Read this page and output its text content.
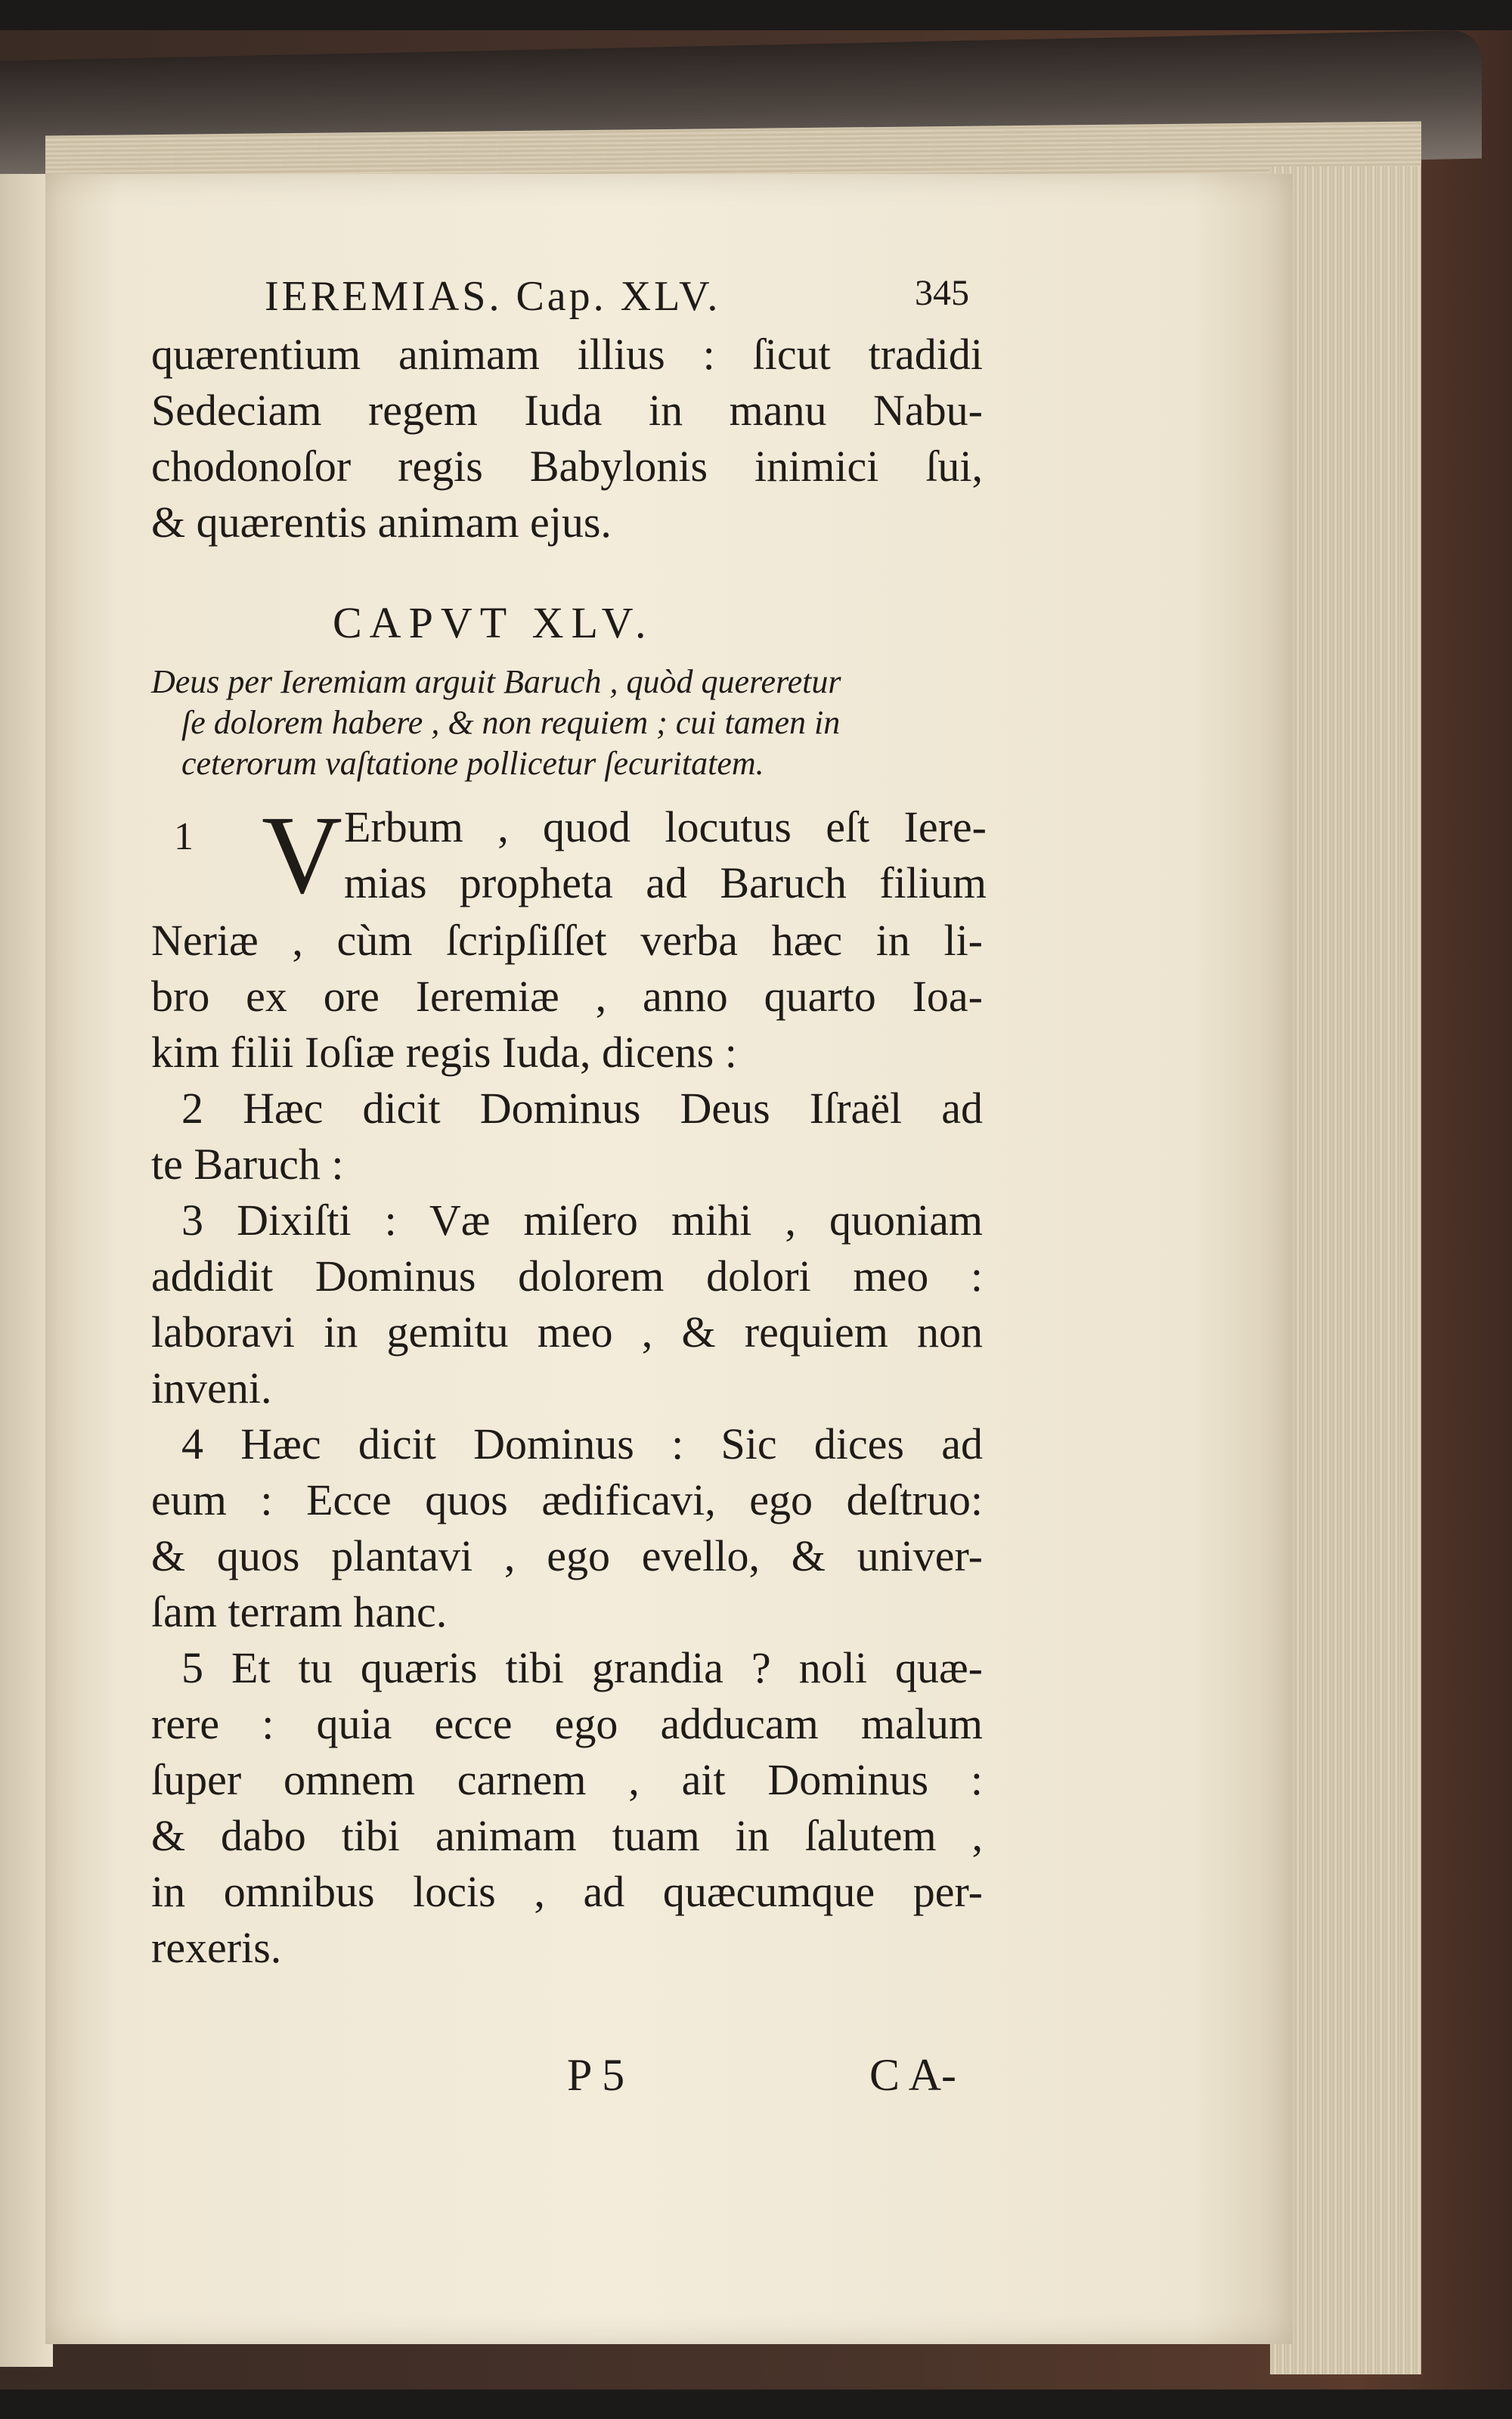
IEREMIAS. Cap. XLV.	345
quærentium animam illius : ſicut tradidi
Sedeciam regem Iuda in manu Nabu-
chodonoſor regis Babylonis inimici ſui,
& quærentis animam ejus.
CAPVT XLV.
Deus per Ieremiam arguit Baruch , quòd quereretur
ſe dolorem habere , & non requiem ; cui tamen in
ceterorum vaſtatione pollicetur ſecuritatem.
1 V Erbum , quod locutus eſt Iere-
mias propheta ad Baruch filium
Neriæ , cùm ſcripſiſſet verba hæc in li-
bro ex ore Ieremiæ , anno quarto Ioa-
kim filii Ioſiæ regis Iuda, dicens :
2 Hæc dicit Dominus Deus Iſraël ad
te Baruch :
3 Dixiſti : Væ miſero mihi , quoniam
addidit Dominus dolorem dolori meo :
laboravi in gemitu meo , & requiem non
inveni.
4 Hæc dicit Dominus : Sic dices ad
eum : Ecce quos ædificavi, ego deſtruo:
& quos plantavi , ego evello, & univer-
ſam terram hanc.
5 Et tu quæris tibi grandia ? noli quæ-
rere : quia ecce ego adducam malum
ſuper omnem carnem , ait Dominus :
& dabo tibi animam tuam in ſalutem ,
in omnibus locis , ad quæcumque per-
rexeris.
P 5	C A-
